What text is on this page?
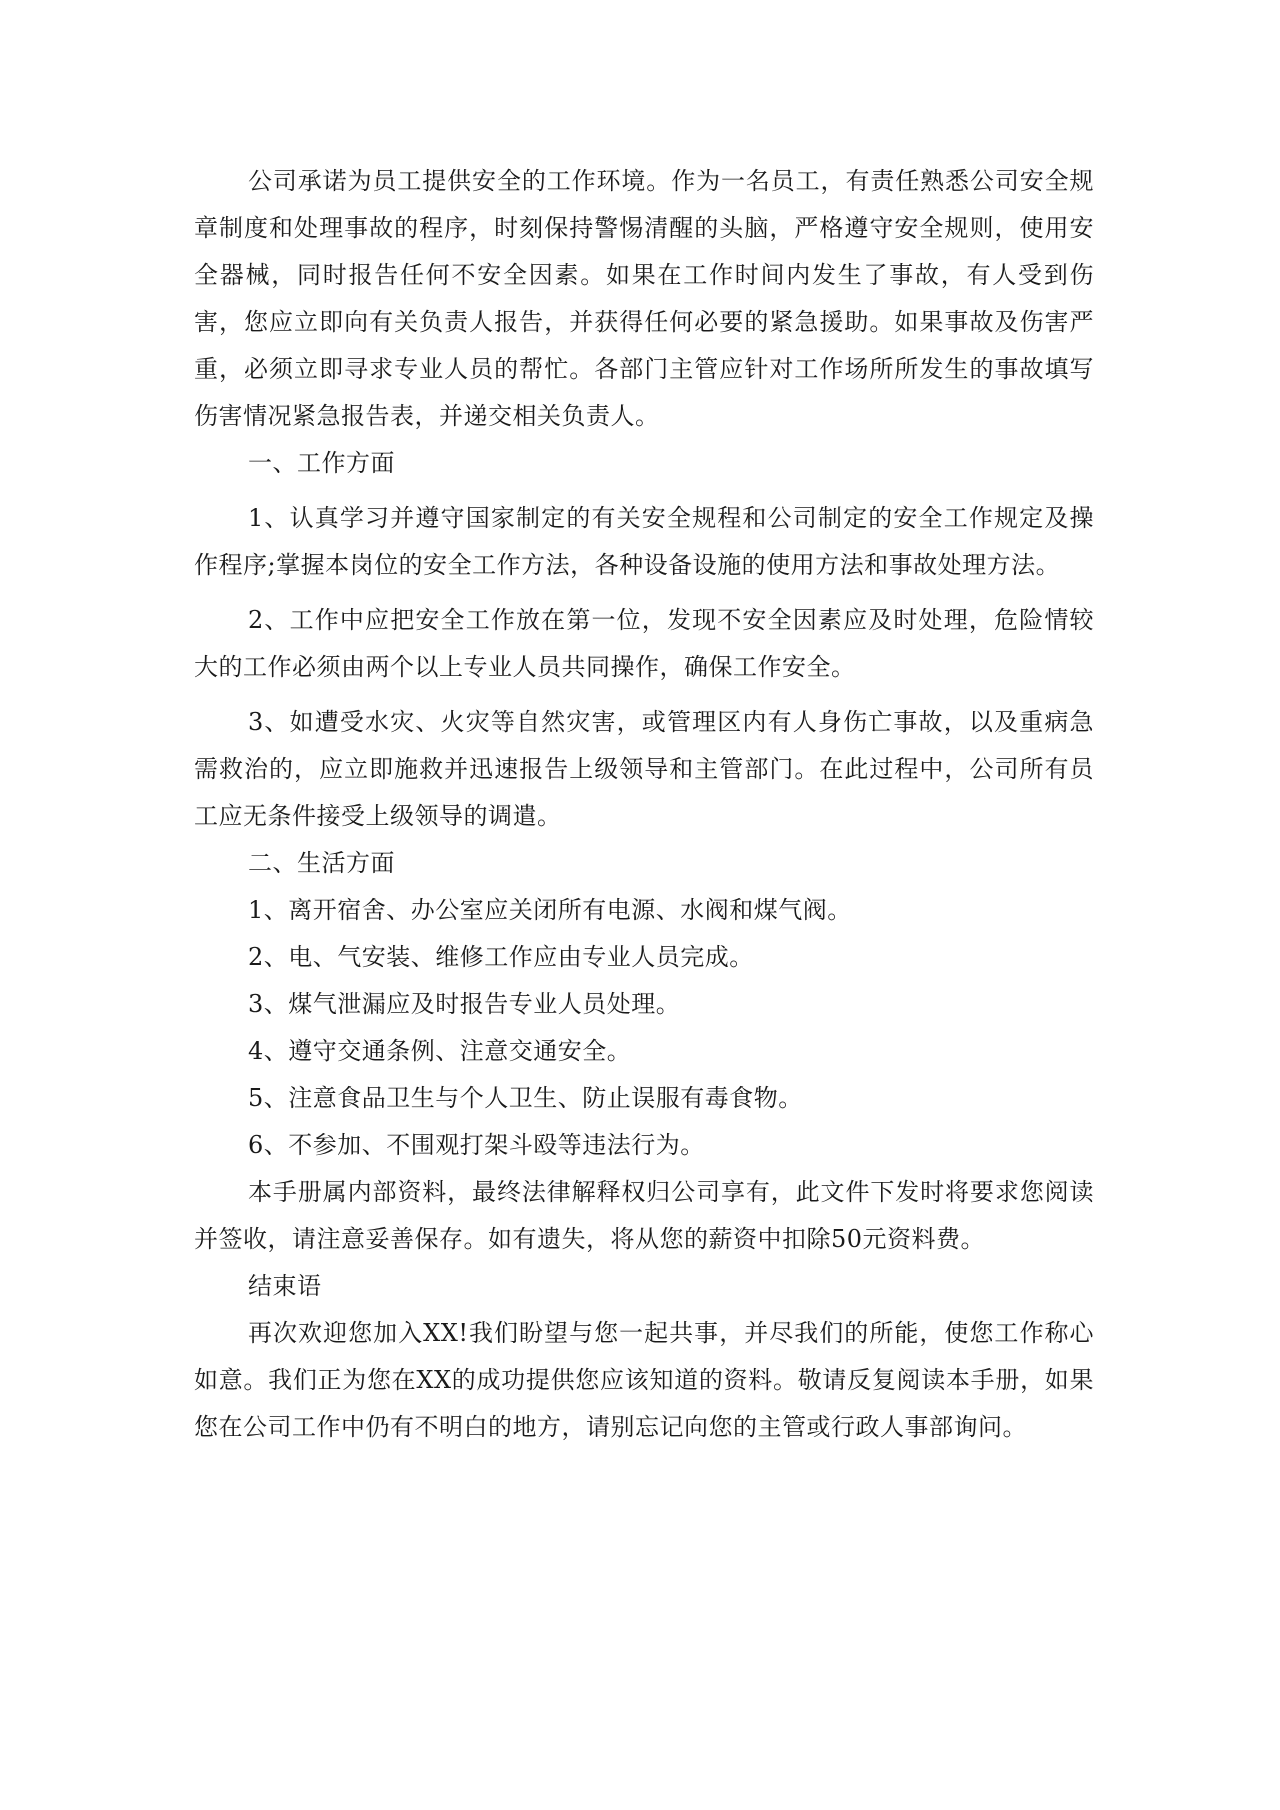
公司承诺为员工提供安全的工作环境。作为一名员工，有责任熟悉公司安全规章制度和处理事故的程序，时刻保持警惕清醒的头脑，严格遵守安全规则，使用安全器械，同时报告任何不安全因素。如果在工作时间内发生了事故，有人受到伤害，您应立即向有关负责人报告，并获得任何必要的紧急援助。如果事故及伤害严重，必须立即寻求专业人员的帮忙。各部门主管应针对工作场所所发生的事故填写伤害情况紧急报告表，并递交相关负责人。

一、工作方面

1、认真学习并遵守国家制定的有关安全规程和公司制定的安全工作规定及操作程序;掌握本岗位的安全工作方法，各种设备设施的使用方法和事故处理方法。

2、工作中应把安全工作放在第一位，发现不安全因素应及时处理，危险情较大的工作必须由两个以上专业人员共同操作，确保工作安全。

3、如遭受水灾、火灾等自然灾害，或管理区内有人身伤亡事故，以及重病急需救治的，应立即施救并迅速报告上级领导和主管部门。在此过程中，公司所有员工应无条件接受上级领导的调遣。

二、生活方面

1、离开宿舍、办公室应关闭所有电源、水阀和煤气阀。

2、电、气安装、维修工作应由专业人员完成。

3、煤气泄漏应及时报告专业人员处理。

4、遵守交通条例、注意交通安全。

5、注意食品卫生与个人卫生、防止误服有毒食物。

6、不参加、不围观打架斗殴等违法行为。

本手册属内部资料，最终法律解释权归公司享有，此文件下发时将要求您阅读并签收，请注意妥善保存。如有遗失，将从您的薪资中扣除50元资料费。

结束语

再次欢迎您加入XX!我们盼望与您一起共事，并尽我们的所能，使您工作称心如意。我们正为您在XX的成功提供您应该知道的资料。敬请反复阅读本手册，如果您在公司工作中仍有不明白的地方，请别忘记向您的主管或行政人事部询问。
